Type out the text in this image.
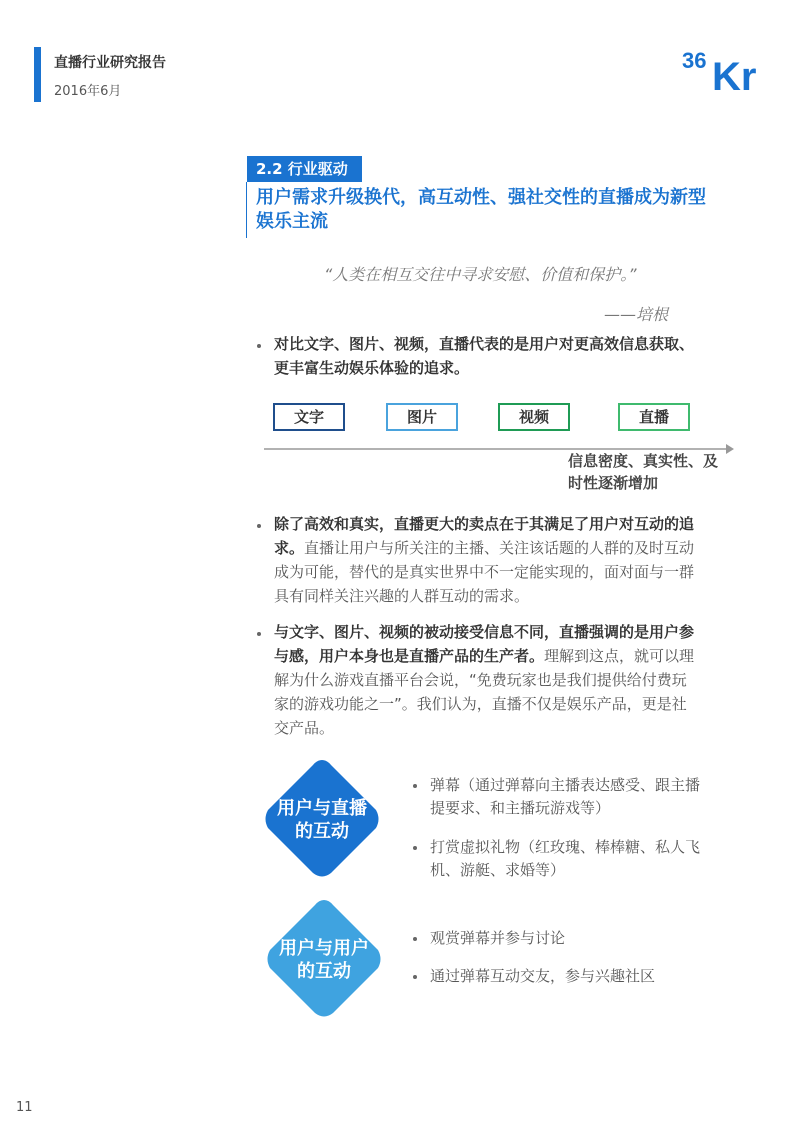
直播行业研究报告
2016年6月
36 Kr
2.2 行业驱动
用户需求升级换代，高互动性、强社交性的直播成为新型
娱乐主流
“人类在相互交往中寻求安慰、价值和保护。”
——培根
对比文字、图片、视频，直播代表的是用户对更高效信息获取、
更丰富生动娱乐体验的追求。
文字	图片	视频	直播
信息密度、真实性、及
时性逐渐增加
除了高效和真实，直播更大的卖点在于其满足了用户对互动的追
求。直播让用户与所关注的主播、关注该话题的人群的及时互动
成为可能，替代的是真实世界中不一定能实现的，面对面与一群
具有同样关注兴趣的人群互动的需求。
与文字、图片、视频的被动接受信息不同，直播强调的是用户参
与感，用户本身也是直播产品的生产者。理解到这点，就可以理
解为什么游戏直播平台会说，“免费玩家也是我们提供给付费玩
家的游戏功能之一”。我们认为，直播不仅是娱乐产品，更是社
交产品。
用户与直播
的互动
弹幕（通过弹幕向主播表达感受、跟主播
提要求、和主播玩游戏等）
打赏虚拟礼物（红玫瑰、棒棒糖、私人飞
机、游艇、求婚等）
用户与用户
的互动
观赏弹幕并参与讨论
通过弹幕互动交友，参与兴趣社区
11
